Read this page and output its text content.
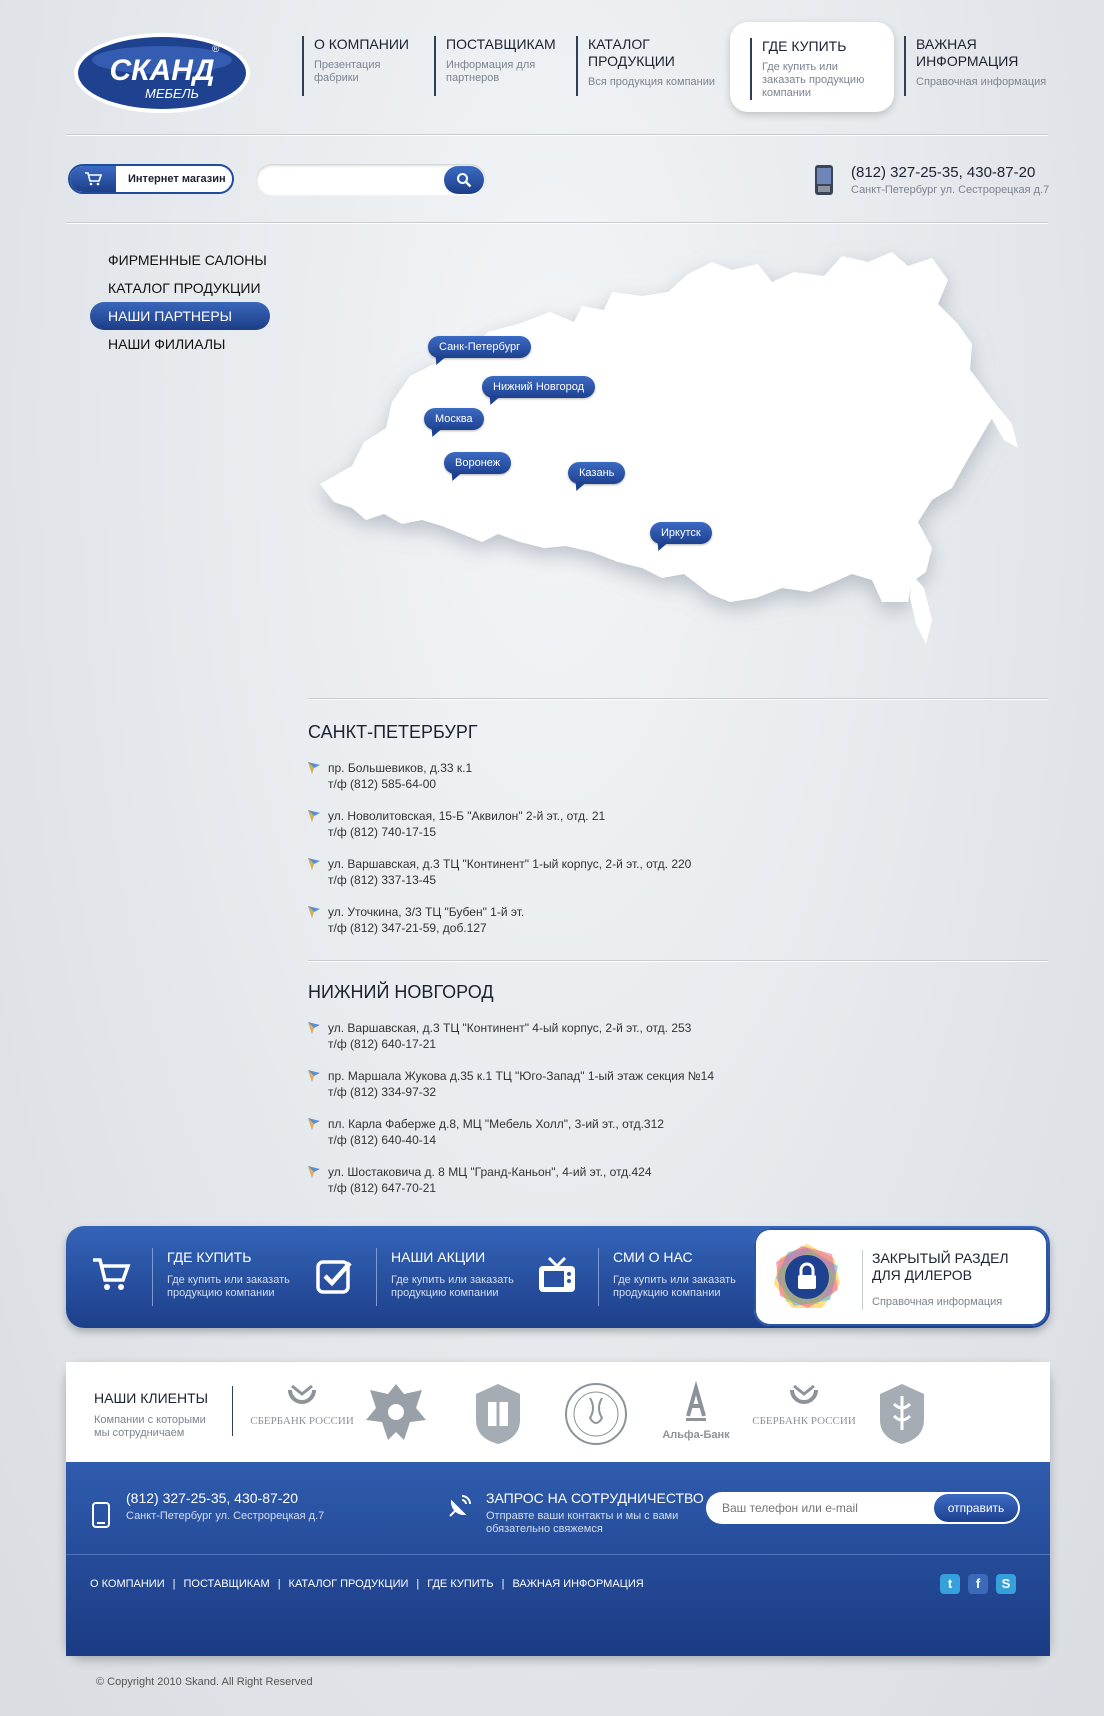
СКАНД
МЕБЕЛЬ
®	О КОМПАНИИ
Презентация фабрики
ПОСТАВЩИКАМ
Информация для партнеров
КАТАЛОГ ПРОДУКЦИИ
Вся продукция компании
ГДЕ КУПИТЬ
Где купить или заказать продукцию компании
ВАЖНАЯ ИНФОРМАЦИЯ
Справочная информация
Интернет магазин	(812) 327-25-35, 430-87-20
Санкт-Петербург ул. Сестрорецкая д.7
ФИРМЕННЫЕ САЛОНЫ
КАТАЛОГ ПРОДУКЦИИ
НАШИ ПАРТНЕРЫ
НАШИ ФИЛИАЛЫ	Санк-Петербург
Нижний Новгород
Москва
Воронеж
Казань
Иркутск
САНКТ-ПЕТЕРБУРГ
пр. Большевиков, д.33 к.1
т/ф (812) 585-64-00
ул. Новолитовская, 15-Б "Аквилон" 2-й эт., отд. 21
т/ф (812) 740-17-15
ул. Варшавская, д.3 ТЦ "Континент" 1-ый корпус, 2-й эт., отд. 220
т/ф (812) 337-13-45
ул. Уточкина, 3/3 ТЦ "Бубен" 1-й эт.
т/ф (812) 347-21-59, доб.127
НИЖНИЙ НОВГОРОД
ул. Варшавская, д.3 ТЦ "Континент" 4-ый корпус, 2-й эт., отд. 253
т/ф (812) 640-17-21
пр. Маршала Жукова д.35 к.1 ТЦ "Юго-Запад" 1-ый этаж секция №14
т/ф (812) 334-97-32
пл. Карла Фаберже д.8, МЦ "Мебель Холл", 3-ий эт., отд.312
т/ф (812) 640-40-14
ул. Шостаковича д. 8 МЦ "Гранд-Каньон", 4-ий эт., отд.424
т/ф (812) 647-70-21
ГДЕ КУПИТЬ
Где купить или заказать продукцию компании
НАШИ АКЦИИ
Где купить или заказать продукцию компании
СМИ О НАС
Где купить или заказать продукцию компании
ЗАКРЫТЫЙ РАЗДЕЛ
ДЛЯ ДИЛЕРОВ
Справочная информация
НАШИ КЛИЕНТЫ
Компании с которыми мы сотрудничаем
СБЕРБАНК РОССИИ
Альфа-Банк
СБЕРБАНК РОССИИ
(812) 327-25-35, 430-87-20
Санкт-Петербург ул. Сестрорецкая д.7
ЗАПРОС НА СОТРУДНИЧЕСТВО
Отправте ваши контакты и мы с вами обязательно свяжемся
Ваш телефон или e-mail
отправить
О КОМПАНИИ | ПОСТАВЩИКАМ | КАТАЛОГ ПРОДУКЦИИ | ГДЕ КУПИТЬ | ВАЖНАЯ ИНФОРМАЦИЯ	t	f	S
© Copyright 2010 Skand. All Right Reserved
